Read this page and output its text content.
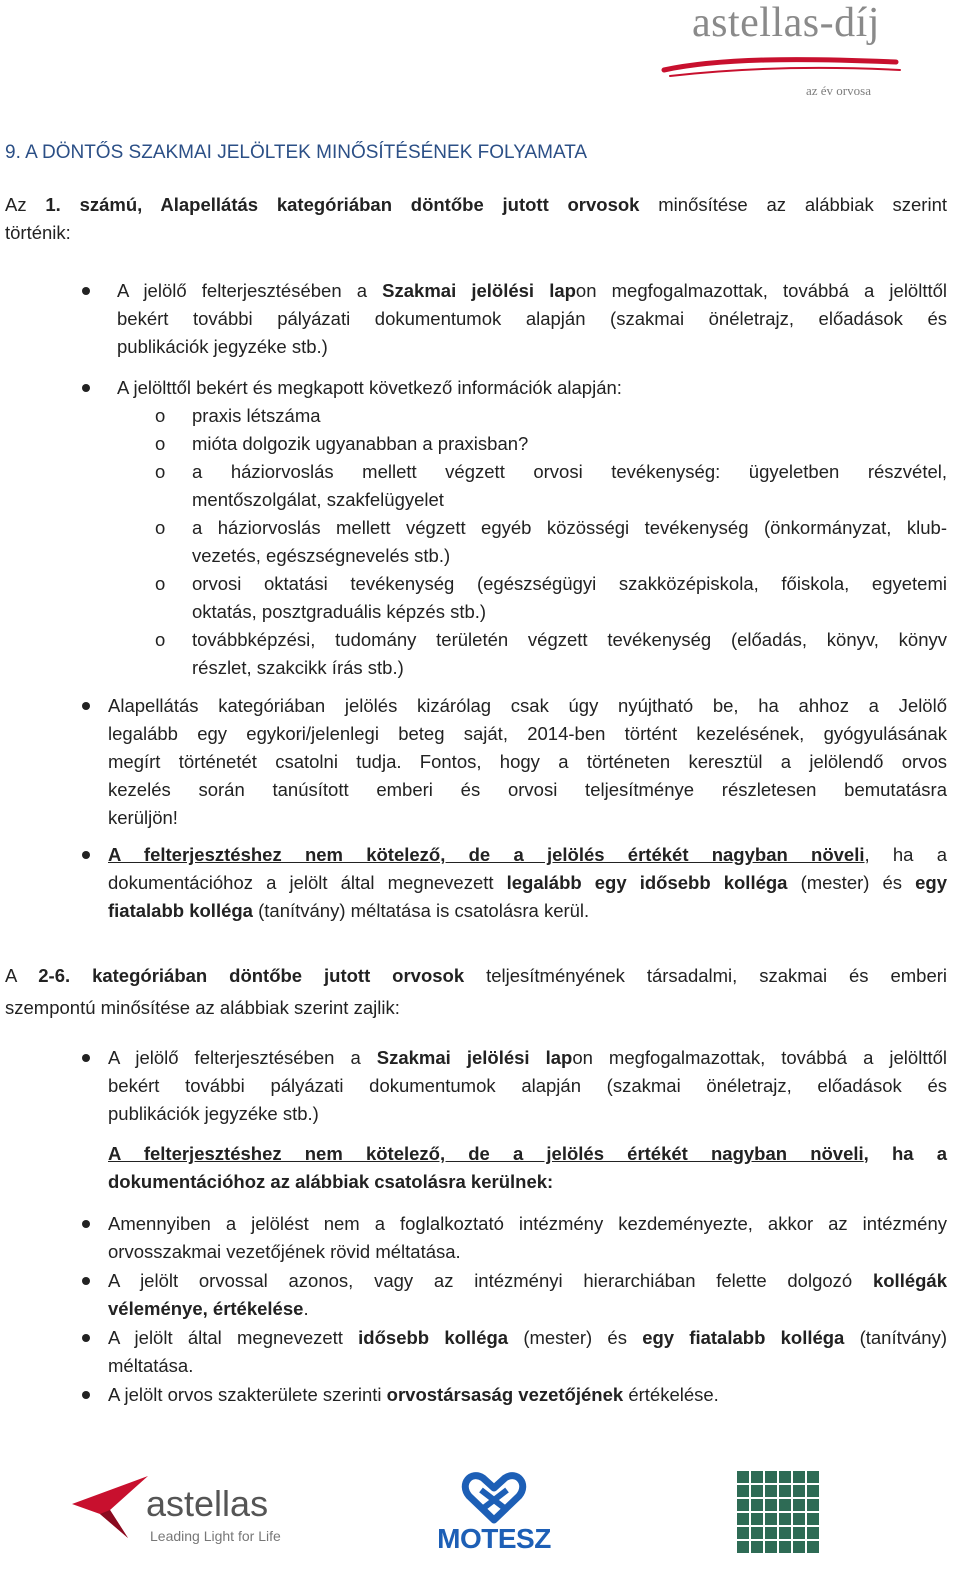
astellas-díj
az év orvosa
9. A DÖNTŐS SZAKMAI JELÖLTEK MINŐSÍTÉSÉNEK FOLYAMATA
Az 1. számú, Alapellátás kategóriában döntőbe jutott orvosok minősítése az alábbiak szerint
történik:
A jelölő felterjesztésében a Szakmai jelölési lapon megfogalmazottak, továbbá a jelölttől
bekért további pályázati dokumentumok alapján (szakmai önéletrajz, előadások és
publikációk jegyzéke stb.)
A jelölttől bekért és megkapott következő információk alapján:
o praxis létszáma
o mióta dolgozik ugyanabban a praxisban?
o a háziorvoslás mellett végzett orvosi tevékenység: ügyeletben részvétel,
mentőszolgálat, szakfelügyelet
o a háziorvoslás mellett végzett egyéb közösségi tevékenység (önkormányzat, klub-
vezetés, egészségnevelés stb.)
o orvosi oktatási tevékenység (egészségügyi szakközépiskola, főiskola, egyetemi
oktatás, posztgraduális képzés stb.)
o továbbképzési, tudomány területén végzett tevékenység (előadás, könyv, könyv
részlet, szakcikk írás stb.)
Alapellátás kategóriában jelölés kizárólag csak úgy nyújtható be, ha ahhoz a Jelölő
legalább egy egykori/jelenlegi beteg saját, 2014-ben történt kezelésének, gyógyulásának
megírt történetét csatolni tudja. Fontos, hogy a történeten keresztül a jelölendő orvos
kezelés során tanúsított emberi és orvosi teljesítménye részletesen bemutatásra
kerüljön!
A felterjesztéshez nem kötelező, de a jelölés értékét nagyban növeli, ha a
dokumentációhoz a jelölt által megnevezett legalább egy idősebb kolléga (mester) és egy
fiatalabb kolléga (tanítvány) méltatása is csatolásra kerül.
A 2-6. kategóriában döntőbe jutott orvosok teljesítményének társadalmi, szakmai és emberi
szempontú minősítése az alábbiak szerint zajlik:
A jelölő felterjesztésében a Szakmai jelölési lapon megfogalmazottak, továbbá a jelölttől
bekért további pályázati dokumentumok alapján (szakmai önéletrajz, előadások és
publikációk jegyzéke stb.)
A felterjesztéshez nem kötelező, de a jelölés értékét nagyban növeli, ha a
dokumentációhoz az alábbiak csatolásra kerülnek:
Amennyiben a jelölést nem a foglalkoztató intézmény kezdeményezte, akkor az intézmény
orvosszakmai vezetőjének rövid méltatása.
A jelölt orvossal azonos, vagy az intézményi hierarchiában felette dolgozó kollégák
véleménye, értékelése.
A jelölt által megnevezett idősebb kolléga (mester) és egy fiatalabb kolléga (tanítvány)
méltatása.
A jelölt orvos szakterülete szerinti orvostársaság vezetőjének értékelése.
astellas
Leading Light for Life	MOTESZ
